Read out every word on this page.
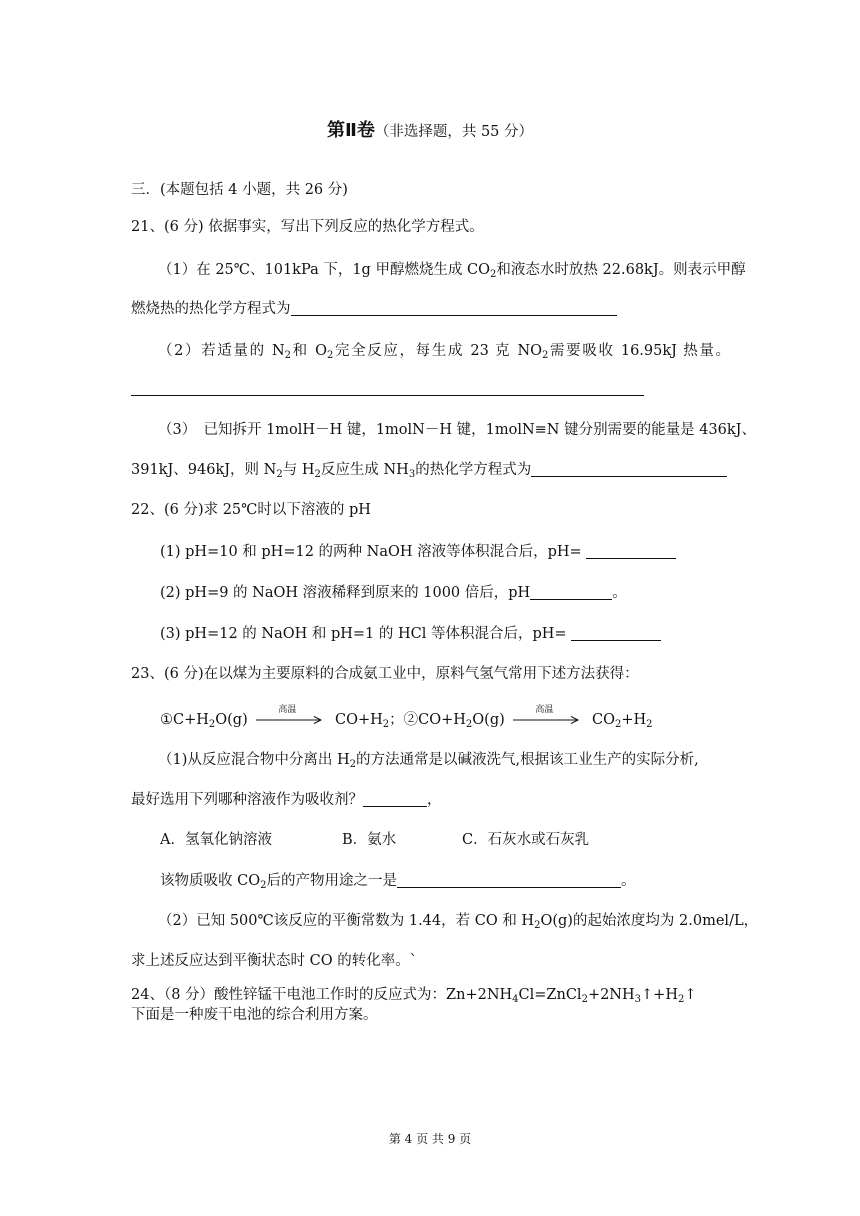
第Ⅱ卷（非选择题，共 55 分）
三．(本题包括 4 小题，共 26 分)
21、(6 分) 依据事实，写出下列反应的热化学方程式。
（1）在 25℃、101kPa 下，1g 甲醇燃烧生成 $CO_2$和液态水时放热 22.68kJ。则表示甲醇
燃烧热的热化学方程式为
（2）若适量的 $N_2$和 $O_2$完全反应，每生成 23 克 $NO_2$需要吸收 16.95kJ 热量。
（3）　已知拆开 1molH－H 键，1molN－H 键，1molN≡N 键分别需要的能量是 436kJ、
391kJ、946kJ，则 $N_2$与 $H_2$反应生成 $NH_3$的热化学方程式为
22、(6 分)求 25℃时以下溶液的 pH
(1) pH=10 和 pH=12 的两种 NaOH 溶液等体积混合后，pH=
(2) pH=9 的 NaOH 溶液稀释到原来的 1000 倍后，pH	。
(3) pH=12 的 NaOH 和 pH=1 的 HCl 等体积混合后，pH=
23、(6 分)在以煤为主要原料的合成氨工业中，原料气氢气常用下述方法获得：
$①C+H_2O(g)$
高温
$CO+H_2$；$②CO+H_2O(g)$
高温
$CO_2+H_2$
（1)从反应混合物中分离出 $H_2$的方法通常是以碱液洗气,根据该工业生产的实际分析,
最好选用下列哪种溶液作为吸收剂？	，
A．氢氧化钠溶液	B．氨水	C．石灰水或石灰乳
该物质吸收 $CO_2$后的产物用途之一是	。
（2）已知 500℃该反应的平衡常数为 1.44，若 CO 和 $H_2O(g)$的起始浓度均为 2.0mel/L，
求上述反应达到平衡状态时 CO 的转化率。`
24、（8 分）酸性锌锰干电池工作时的反应式为：$Zn+2NH_4Cl=ZnCl_2+2NH_3↑+H_2↑$
下面是一种废干电池的综合利用方案。
第 4 页 共 9 页
